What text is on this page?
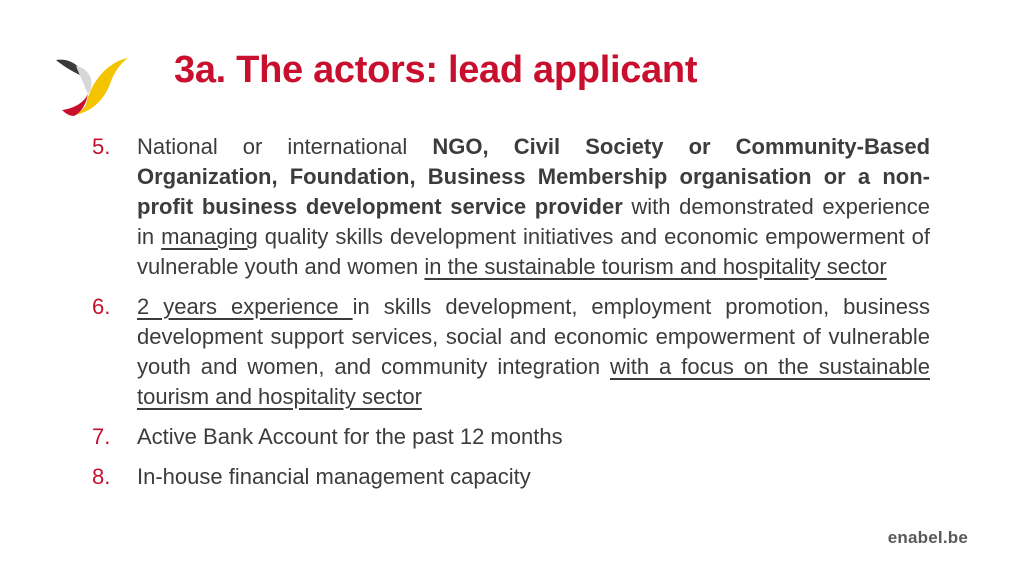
3a. The actors: lead applicant
5. National or international NGO, Civil Society or Community-Based Organization, Foundation, Business Membership organisation or a non-profit business development service provider with demonstrated experience in managing quality skills development initiatives and economic empowerment of vulnerable youth and women in the sustainable tourism and hospitality sector
6. 2 years experience in skills development, employment promotion, business development support services, social and economic empowerment of vulnerable youth and women, and community integration with a focus on the sustainable tourism and hospitality sector
7. Active Bank Account for the past 12 months
8. In-house financial management capacity
enabel.be
